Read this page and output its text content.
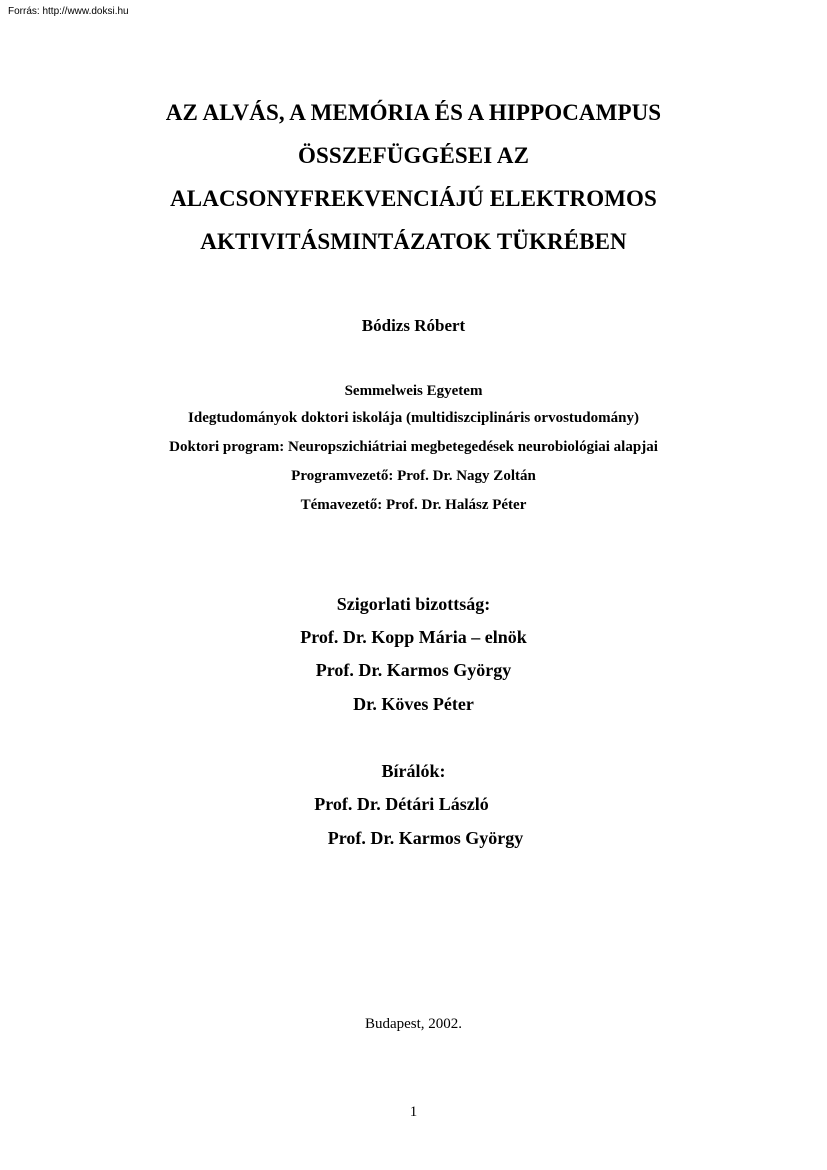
Forrás: http://www.doksi.hu
AZ ALVÁS, A MEMÓRIA ÉS A HIPPOCAMPUS
ÖSSZEFÜGGÉSEI AZ
ALACSONYFREKVENCIÁJÚ ELEKTROMOS
AKTIVITÁSMINTÁZATOK TÜKRÉBEN
Bódizs Róbert
Semmelweis Egyetem
Idegtudományok doktori iskolája (multidiszciplináris orvostudomány)
Doktori program: Neuropszichiátriai megbetegedések neurobiológiai alapjai
Programvezető: Prof. Dr. Nagy Zoltán
Témavezető: Prof. Dr. Halász Péter
Szigorlati bizottság:
Prof. Dr. Kopp Mária – elnök
Prof. Dr. Karmos György
Dr. Köves Péter
Bírálók:
Prof. Dr. Détári László
Prof. Dr. Karmos György
Budapest, 2002.
1
